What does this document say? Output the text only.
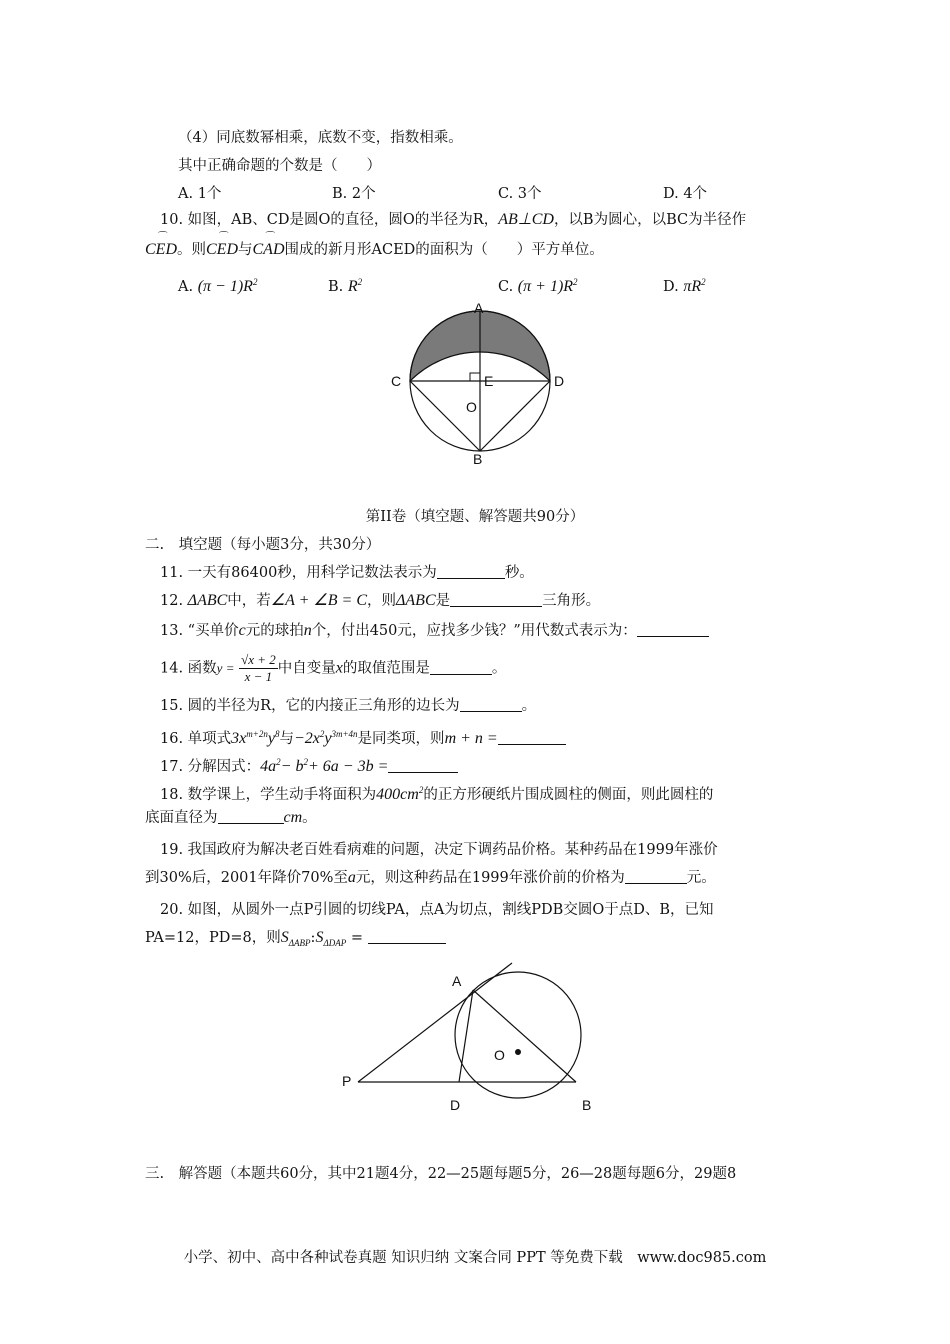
（4）同底数幂相乘，底数不变，指数相乘。
其中正确命题的个数是（　　）
A. 1个	B. 2个	C. 3个	D. 4个
10. 如图，AB、CD是圆O的直径，圆O的半径为R，AB⊥CD，以B为圆心，以BC为半径作
⌒ CED。则⌒ CED与⌒ CAD围成的新月形ACED的面积为（　　）平方单位。
A. $(\pi - 1)R^2$	B. $R^2$	C. $(\pi + 1)R^2$	D. $\pi R^2$
A
C	D
E
O
B
第II卷（填空题、解答题共90分）
二.　填空题（每小题3分，共30分）
11. 一天有86400秒，用科学记数法表示为	秒。
12. ΔABC中，若∠A + ∠B = C，则ΔABC是	三角形。
13. “买单价c元的球拍n个，付出450元，应找多少钱？”用代数式表示为：
14. 函数$y = \frac{√x + 2}{x - 1}$ 中自变量x的取值范围是	。
15. 圆的半径为R，它的内接正三角形的边长为	。
16. 单项式$3x^{m+2n}y^8$与$-2x^2y^{3m+4n}$是同类项，则m + n =
17. 分解因式：$4a^2- b^2+ 6a - 3b$ =
18. 数学课上，学生动手将面积为$400cm^2$的正方形硬纸片围成圆柱的侧面，则此圆柱的
底面直径为	cm。
19. 我国政府为解决老百姓看病难的问题，决定下调药品价格。某种药品在1999年涨价
到30%后，2001年降价70%至a元，则这种药品在1999年涨价前的价格为	元。
20. 如图，从圆外一点P引圆的切线PA，点A为切点，割线PDB交圆O于点D、B，已知
PA=12，PD=8，则$S_{\Delta ABP}:S_{\Delta DAP}$ =
A
O
P
D	B
三.　解答题（本题共60分，其中21题4分，22—25题每题5分，26—28题每题6分，29题8
小学、初中、高中各种试卷真题 知识归纳 文案合同 PPT 等免费下载　www.doc985.com
